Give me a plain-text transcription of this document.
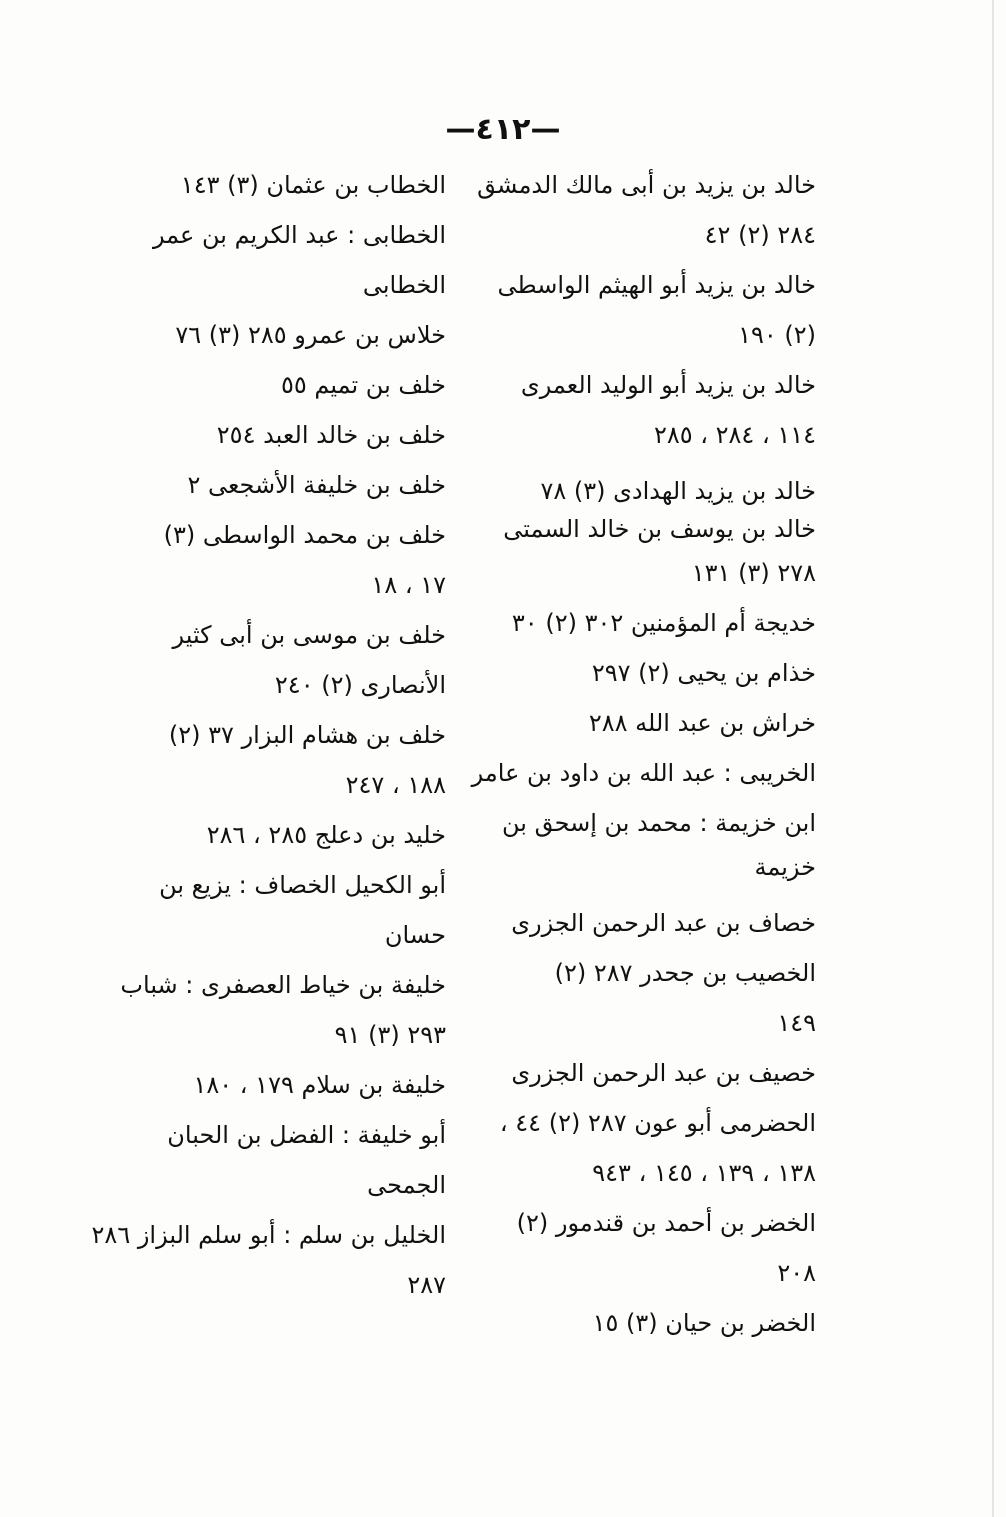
—٤١٢—
خالد بن يزيد بن أبى مالك الدمشق
٢٨٤ (٢) ٤٢
خالد بن يزيد أبو الهيثم الواسطى
(٢) ١٩٠
خالد بن يزيد أبو الوليد العمرى
١١٤ ، ٢٨٤ ، ٢٨٥
خالد بن يزيد الهدادى (٣) ٧٨
خالد بن يوسف بن خالد السمتى
٢٧٨ (٣) ١٣١
خديجة أم المؤمنين ٣٠٢ (٢) ٣٠
خذام بن يحيى (٢) ٢٩٧
خراش بن عبد الله ٢٨٨
الخريبى : عبد الله بن داود بن عامر
ابن خزيمة : محمد بن إسحق بن
خزيمة
خصاف بن عبد الرحمن الجزرى
الخصيب بن جحدر ٢٨٧ (٢)
١٤٩
خصيف بن عبد الرحمن الجزرى
الحضرمى أبو عون ٢٨٧ (٢) ٤٤ ،
١٣٨ ، ١٣٩ ، ١٤٥ ، ٩٤٣
الخضر بن أحمد بن قندمور (٢)
٢٠٨
الخضر بن حيان (٣) ١٥
الخطاب بن عثمان (٣) ١٤٣
الخطابى : عبد الكريم بن عمر
الخطابى
خلاس بن عمرو ٢٨٥ (٣) ٧٦
خلف بن تميم ٥٥
خلف بن خالد العبد ٢٥٤
خلف بن خليفة الأشجعى ٢
خلف بن محمد الواسطى (٣)
١٧ ، ١٨
خلف بن موسى بن أبى كثير
الأنصارى (٢) ٢٤٠
خلف بن هشام البزار ٣٧ (٢)
١٨٨ ، ٢٤٧
خليد بن دعلج ٢٨٥ ، ٢٨٦
أبو الكحيل الخصاف : يزيع بن
حسان
خليفة بن خياط العصفرى : شباب
٢٩٣ (٣) ٩١
خليفة بن سلام ١٧٩ ، ١٨٠
أبو خليفة : الفضل بن الحبان
الجمحى
الخليل بن سلم : أبو سلم البزاز ٢٨٦
٢٨٧
